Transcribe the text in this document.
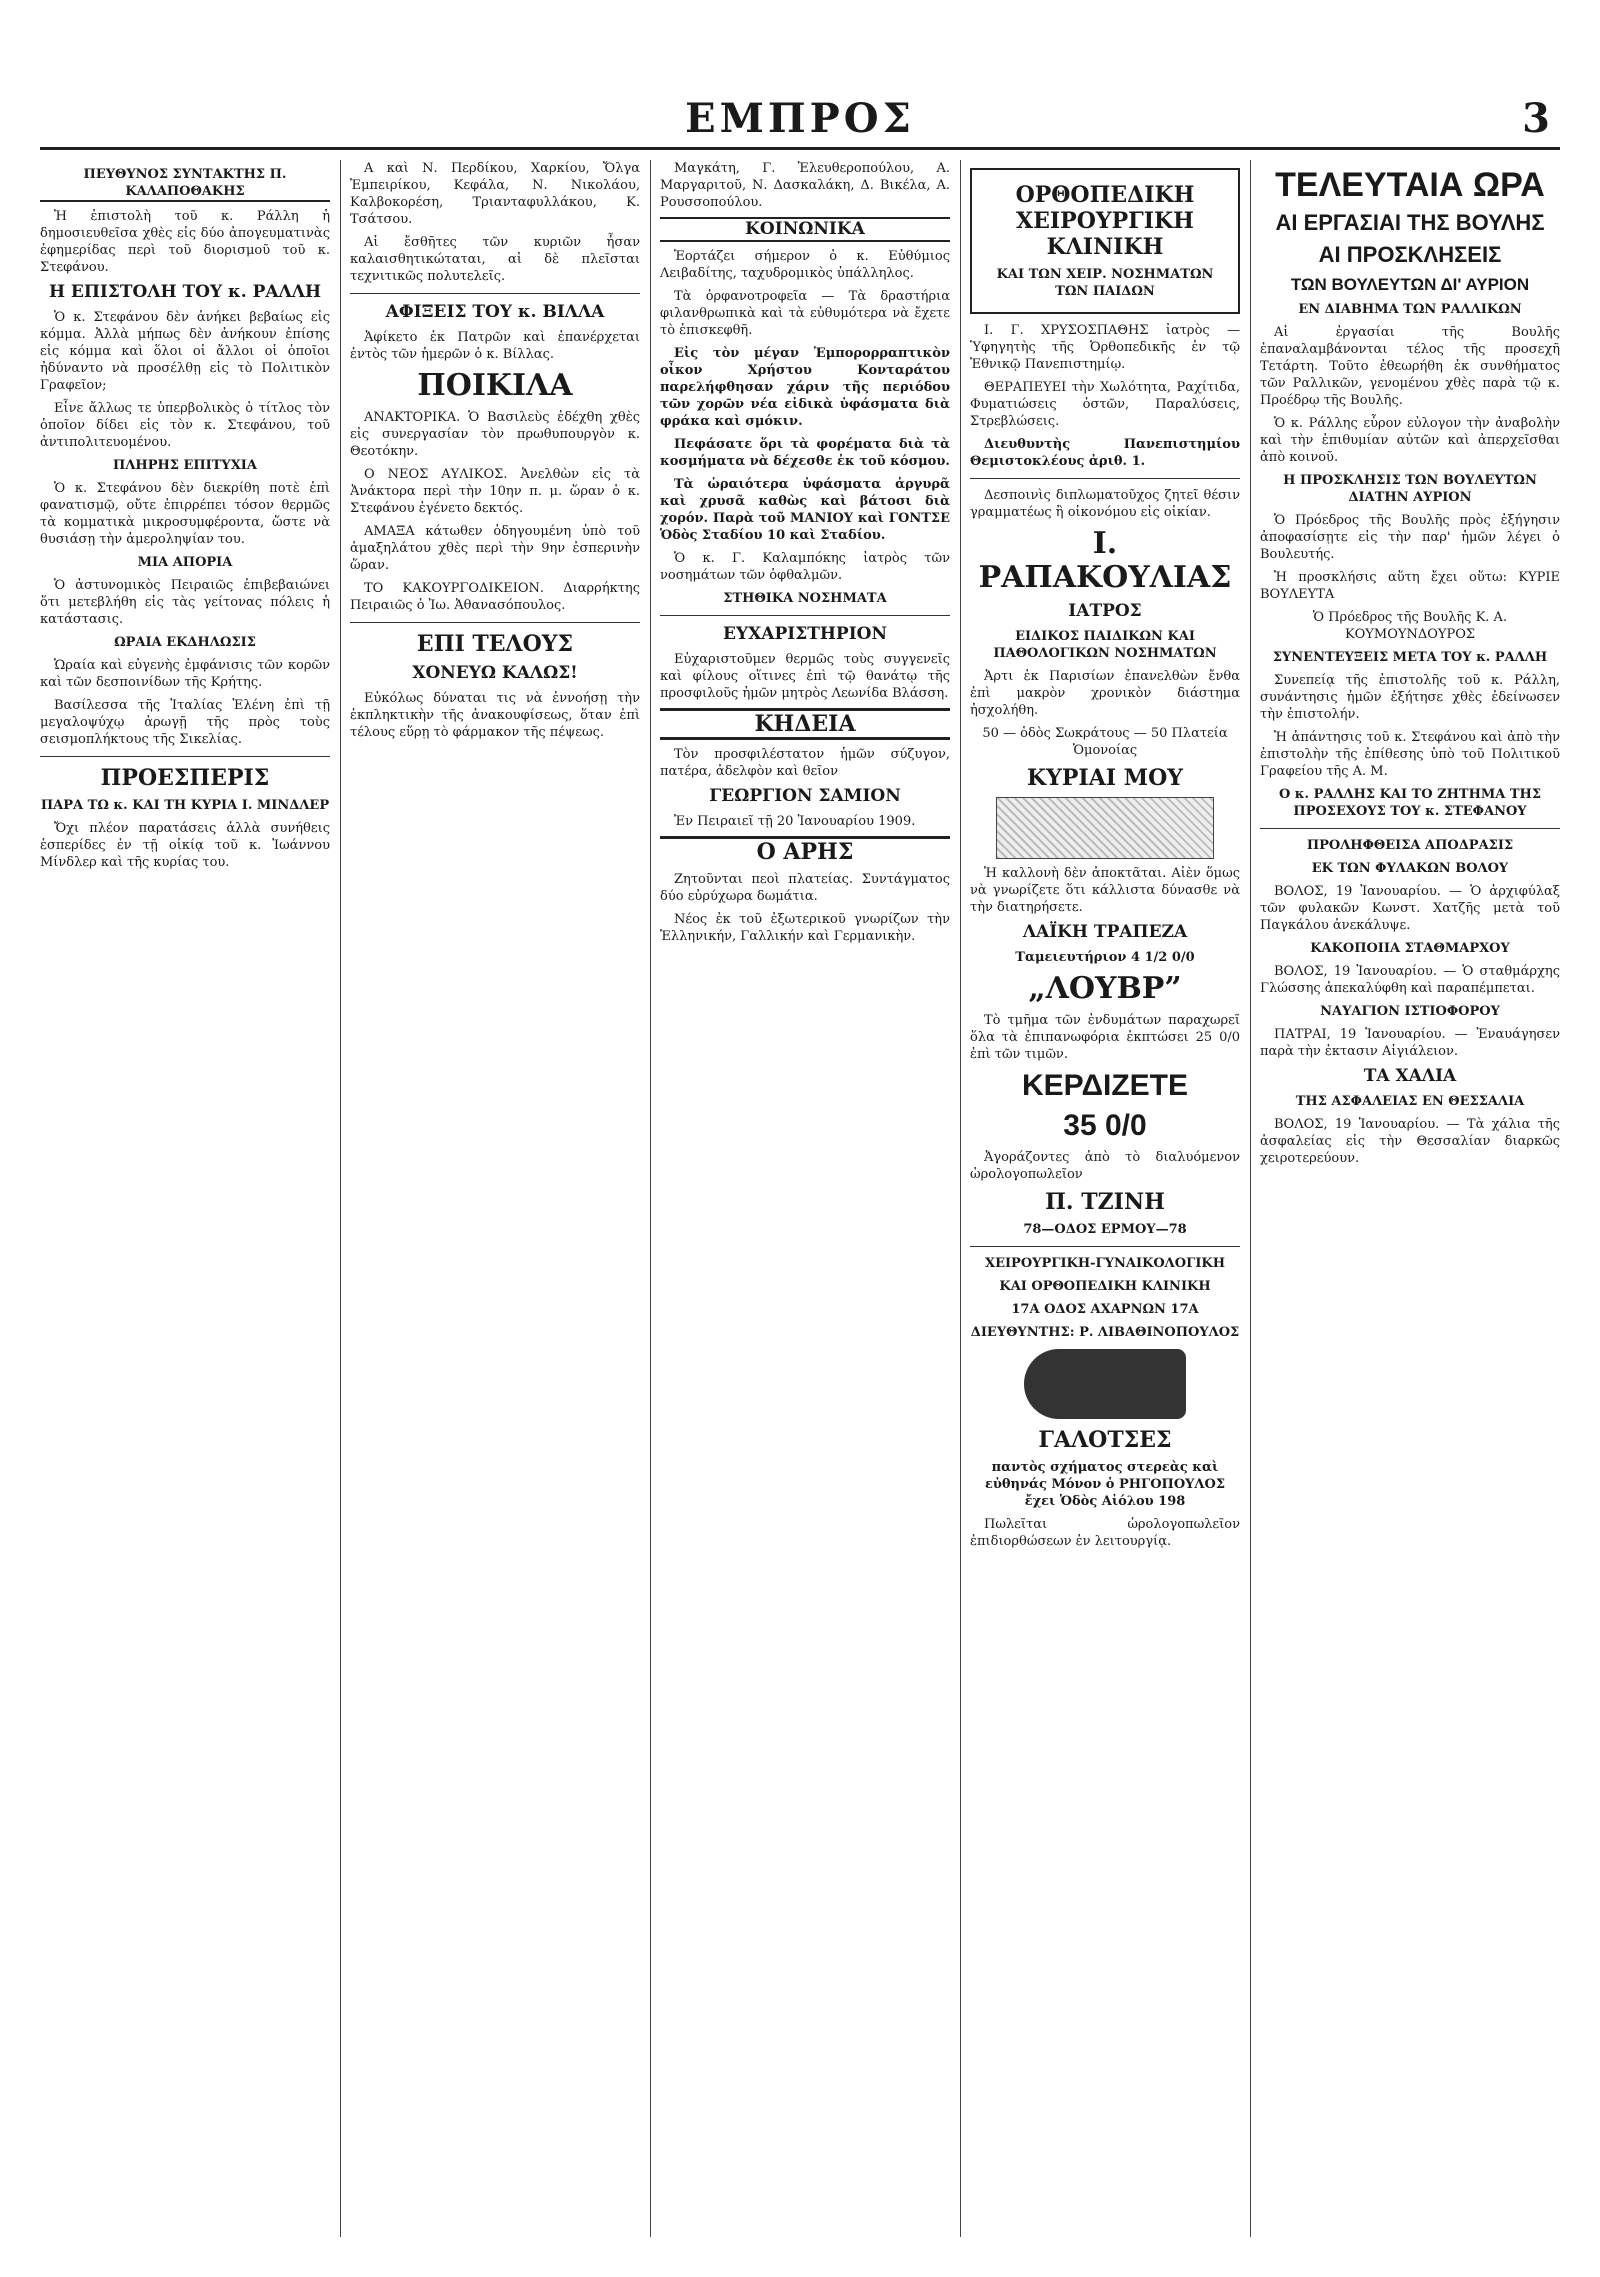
ΕΜΠΡΟΣ	3
ΠΕΥΘΥΝΟΣ ΣΥΝΤΑΚΤΗΣ Π. ΚΑΛΑΠΟΘΑΚΗΣ

Ἡ ἐπιστολὴ τοῦ κ. Ράλλη ἡ δημοσιευθεῖσα χθὲς εἰς δύο ἀπογευματινὰς ἐφημερίδας περὶ τοῦ διορισμοῦ τοῦ κ. Στεφάνου.

Η ΕΠΙΣΤΟΛΗ ΤΟΥ κ. ΡΑΛΛΗ

Ὁ κ. Στεφάνου δὲν ἀνήκει βεβαίως εἰς κόμμα. Ἀλλὰ μήπως δὲν ἀνήκουν ἐπίσης εἰς κόμμα καὶ ὅλοι οἱ ἄλλοι οἱ ὁποῖοι ἠδύναντο νὰ προσέλθῃ εἰς τὸ Πολιτικὸν Γραφεῖον;

Εἶνε ἄλλως τε ὑπερβολικὸς ὁ τίτλος τὸν ὁποῖον δίδει εἰς τὸν κ. Στεφάνου, τοῦ ἀντιπολιτευομένου.

ΠΛΗΡΗΣ ΕΠΙΤΥΧΙΑ

Ὁ κ. Στεφάνου δὲν διεκρίθη ποτὲ ἐπὶ φανατισμῷ, οὔτε ἐπιρρέπει τόσον θερμῶς τὰ κομματικὰ μικροσυμφέροντα, ὥστε νὰ θυσιάσῃ τὴν ἀμεροληψίαν του.

ΜΙΑ ΑΠΟΡΙΑ

Ὁ ἀστυνομικὸς Πειραιῶς ἐπιβεβαιώνει ὅτι μετεβλήθη εἰς τὰς γείτονας πόλεις ἡ κατάστασις.

ΩΡΑΙΑ ΕΚΔΗΛΩΣΙΣ

Ὡραία καὶ εὐγενὴς ἐμφάνισις τῶν κορῶν καὶ τῶν δεσποινίδων τῆς Κρήτης.

Βασίλεσσα τῆς Ἰταλίας Ἑλένη ἐπὶ τῇ μεγαλοψύχῳ ἀρωγῇ τῆς πρὸς τοὺς σεισμοπλήκτους τῆς Σικελίας.

ΠΡΟΕΣΠΕΡΙΣ
ΠΑΡΑ ΤΩ κ. ΚΑΙ ΤΗ ΚΥΡΙΑ Ι. ΜΙΝΔΛΕΡ

Ὄχι πλέον παρατάσεις ἀλλὰ συνήθεις ἑσπερίδες ἐν τῇ οἰκίᾳ τοῦ κ. Ἰωάννου Μίνδλερ καὶ τῆς κυρίας του.

Α καὶ Ν. Περδίκου, Χαρκίου, Ὄλγα Ἐμπειρίκου, Κεφάλα, Ν. Νικολάου, Καλβοκορέση, Τριανταφυλλάκου, Κ. Τσάτσου.

Αἱ ἔσθῆτες τῶν κυριῶν ἦσαν καλαισθητικώταται, αἱ δὲ πλεῖσται τεχνιτικῶς πολυτελεῖς.

ΑΦΙΞΕΙΣ ΤΟΥ κ. ΒΙΛΛΑ

Ἀφίκετο ἐκ Πατρῶν καὶ ἐπανέρχεται ἐντὸς τῶν ἡμερῶν ὁ κ. Βίλλας.

ΠΟΙΚΙΛΑ

ΑΝΑΚΤΟΡΙΚΑ. Ὁ Βασιλεὺς ἐδέχθη χθὲς εἰς συνεργασίαν τὸν πρωθυπουργὸν κ. Θεοτόκην.

Ο ΝΕΟΣ ΑΥΛΙΚΟΣ. Ἀνελθὼν εἰς τὰ Ἀνάκτορα περὶ τὴν 10ην π. μ. ὥραν ὁ κ. Στεφάνου ἐγένετο δεκτός.

ΑΜΑΞΑ κάτωθεν ὀδηγουμένη ὑπὸ τοῦ ἁμαξηλάτου χθὲς περὶ τὴν 9ην ἐσπερινὴν ὥραν.

ΤΟ ΚΑΚΟΥΡΓΟΔΙΚΕΙΟΝ. Διαρρήκτης Πειραιῶς ὁ Ἰω. Ἀθανασόπουλος.

ΕΠΙ ΤΕΛΟΥΣ
ΧΟΝΕΥΩ ΚΑΛΩΣ!

Εὐκόλως δύναται τις νὰ ἐννοήσῃ τὴν ἐκπληκτικὴν τῆς ἀνακουφίσεως, ὅταν ἐπὶ τέλους εὕρῃ τὸ φάρμακον τῆς πέψεως.

Μαγκάτη, Γ. Ἐλευθεροπούλου, Α. Μαργαριτοῦ, Ν. Δασκαλάκη, Δ. Βικέλα, Α. Ρουσσοπούλου.

ΚΟΙΝΩΝΙΚΑ

Ἑορτάζει σήμερον ὁ κ. Εὐθύμιος Λειβαδίτης, ταχυδρομικὸς ὑπάλληλος.

Τὰ ὀρφανοτροφεῖα — Τὰ δραστήρια φιλανθρωπικὰ καὶ τὰ εὐθυμότερα νὰ ἔχετε τὸ ἐπισκεφθῆ.

Εἰς τὸν μέγαν Ἐμπορορραπτικὸν οἶκον Χρήστου Κονταράτου παρελήφθησαν χάριν τῆς περιόδου τῶν χορῶν νέα εἰδικὰ ὑφάσματα διὰ φράκα καὶ σμόκιν.

Πεφάσατε ὅρι τὰ φορέματα διὰ τὰ κοσμήματα νὰ δέχεσθε ἐκ τοῦ κόσμου.

Τὰ ὡραιότερα ὑφάσματα ἀργυρᾶ καὶ χρυσᾶ καθὼς καὶ βάτοσι διὰ χορόν. Παρὰ τοῦ ΜΑΝΙΟΥ καὶ ΓΟΝΤΣΕ Ὁδὸς Σταδίου 10 καὶ Σταδίου.

Ὁ κ. Γ. Καλαμπόκης ἰατρὸς τῶν νοσημάτων τῶν ὀφθαλμῶν.

ΣΤΗΘΙΚΑ ΝΟΣΗΜΑΤΑ
ΕΥΧΑΡΙΣΤΗΡΙΟΝ

Εὐχαριστοῦμεν θερμῶς τοὺς συγγενεῖς καὶ φίλους οἵτινες ἐπὶ τῷ θανάτῳ τῆς προσφιλοῦς ἡμῶν μητρὸς Λεωνίδα Βλάσση.

ΚΗΔΕΙΑ

Τὸν προσφιλέστατον ἡμῶν σύζυγον, πατέρα, ἀδελφὸν καὶ θεῖον

ΓΕΩΡΓΙΟΝ ΣΑΜΙΟΝ

Ἐν Πειραιεῖ τῇ 20 Ἰανουαρίου 1909.

Ο ΑΡΗΣ

Ζητοῦνται πεοὶ πλατείας. Συντάγματος δύο εὐρύχωρα δωμάτια.

Νέος ἐκ τοῦ ἐξωτερικοῦ γνωρίζων τὴν Ἑλληνικήν, Γαλλικήν καὶ Γερμανικὴν.

ΟΡΘΟΠΕΔΙΚΗ ΧΕΙΡΟΥΡΓΙΚΗ ΚΛΙΝΙΚΗ
ΚΑΙ ΤΩΝ ΧΕΙΡ. ΝΟΣΗΜΑΤΩΝ ΤΩΝ ΠΑΙΔΩΝ

Ι. Γ. ΧΡΥΣΟΣΠΑΘΗΣ ἰατρὸς — Ὑφηγητὴς τῆς Ὀρθοπεδικῆς ἐν τῷ Ἐθνικῷ Πανεπιστημίῳ.

ΘΕΡΑΠΕΥΕΙ τὴν Χωλότητα, Ραχίτιδα, Φυματιώσεις ὀστῶν, Παραλύσεις, Στρεβλώσεις.

Διευθυντὴς Πανεπιστημίου Θεμιστοκλέους ἀριθ. 1.

Δεσποινὶς διπλωματοῦχος ζητεῖ θέσιν γραμματέως ἢ οἰκονόμου εἰς οἰκίαν.

Ι. ΡΑΠΑΚΟΥΛΙΑΣ
ΙΑΤΡΟΣ
ΕΙΔΙΚΟΣ ΠΑΙΔΙΚΩΝ ΚΑΙ ΠΑΘΟΛΟΓΙΚΩΝ ΝΟΣΗΜΑΤΩΝ

Ἀρτι ἐκ Παρισίων ἐπανελθὼν ἔνθα ἐπὶ μακρὸν χρονικὸν διάστημα ἠσχολήθη.

50 — ὁδὸς Σωκράτους — 50 Πλατεία Ὁμονοίας

ΚΥΡΙΑΙ ΜΟΥ

Ἡ καλλονὴ δὲν ἀποκτᾶται. Αἰὲν ὅμως νὰ γνωρίζετε ὅτι κάλλιστα δύνασθε νὰ τὴν διατηρήσετε.

ΛΑΪΚΗ ΤΡΑΠΕΖΑ
Ταμειευτήριον 4 1/2 0/0
„ΛΟΥΒΡ”

Τὸ τμῆμα τῶν ἐνδυμάτων παραχωρεῖ ὅλα τὰ ἐπιπανωφόρια ἐκπτώσει 25 0/0 ἐπὶ τῶν τιμῶν.

ΚΕΡΔΙΖΕΤΕ
35 0/0

Ἀγοράζοντες ἀπὸ τὸ διαλυόμενον ὡρολογοπωλεῖον

Π. ΤΖΙΝΗ
78—ΟΔΟΣ ΕΡΜΟΥ—78
ΧΕΙΡΟΥΡΓΙΚΗ-ΓΥΝΑΙΚΟΛΟΓΙΚΗ
ΚΑΙ ΟΡΘΟΠΕΔΙΚΗ ΚΛΙΝΙΚΗ
17Α ΟΔΟΣ ΑΧΑΡΝΩΝ 17Α
ΔΙΕΥΘΥΝΤΗΣ: Ρ. ΛΙΒΑΘΙΝΟΠΟΥΛΟΣ
ΓΑΛΟΤΣΕΣ

παντὸς σχήματος στερεὰς καὶ εὐθηνάς Μόνον ὁ ΡΗΓΟΠΟΥΛΟΣ ἔχει Ὁδὸς Αἰόλου 198

Πωλεῖται ὡρολογοπωλεῖον ἐπιδιορθώσεων ἐν λειτουργίᾳ.

ΤΕΛΕΥΤΑΙΑ ΩΡΑ
ΑΙ ΕΡΓΑΣΙΑΙ ΤΗΣ ΒΟΥΛΗΣ
ΑΙ ΠΡΟΣΚΛΗΣΕΙΣ
ΤΩΝ ΒΟΥΛΕΥΤΩΝ ΔΙ' ΑΥΡΙΟΝ
ΕΝ ΔΙΑΒΗΜΑ ΤΩΝ ΡΑΛΛΙΚΩΝ

Αἱ ἐργασίαι τῆς Βουλῆς ἐπαναλαμβάνονται τέλος τῆς προσεχῆ Τετάρτη. Τοῦτο ἐθεωρήθη ἐκ συνθήματος τῶν Ραλλικῶν, γενομένου χθὲς παρὰ τῷ κ. Προέδρῳ τῆς Βουλῆς.

Ὁ κ. Ράλλης εὗρον εὐλογον τὴν ἀναβολὴν καὶ τὴν ἐπιθυμίαν αὐτῶν καὶ ἀπερχεῖσθαι ἀπὸ κοινοῦ.

Η ΠΡΟΣΚΛΗΣΙΣ ΤΩΝ ΒΟΥΛΕΥΤΩΝ ΔΙΑΤΗΝ ΑΥΡΙΟΝ

Ὁ Πρόεδρος τῆς Βουλῆς πρὸς ἐξήγησιν ἀποφασίσῃτε εἰς τὴν παρ' ἡμῶν λέγει ὁ Βουλευτής.

Ἡ προσκλήσις αὕτη ἔχει οὕτω: ΚΥΡΙΕ ΒΟΥΛΕΥΤΑ

Ὁ Πρόεδρος τῆς Βουλῆς Κ. Α. ΚΟΥΜΟΥΝΔΟΥΡΟΣ

ΣΥΝΕΝΤΕΥΞΕΙΣ ΜΕΤΑ ΤΟΥ κ. ΡΑΛΛΗ

Συνεπείᾳ τῆς ἐπιστολῆς τοῦ κ. Ράλλη, συνάντησις ἡμῶν ἐξήτησε χθὲς ἐδείνωσεν τὴν ἐπιστολήν.

Ἡ ἀπάντησις τοῦ κ. Στεφάνου καὶ ἀπὸ τὴν ἐπιστολὴν τῆς ἐπίθεσης ὑπὸ τοῦ Πολιτικοῦ Γραφείου τῆς Α. Μ.

Ο κ. ΡΑΛΛΗΣ ΚΑΙ ΤΟ ΖΗΤΗΜΑ ΤΗΣ ΠΡΟΣΕΧΟΥΣ ΤΟΥ κ. ΣΤΕΦΑΝΟΥ
ΠΡΟΛΗΦΘΕΙΣΑ ΑΠΟΔΡΑΣΙΣ
ΕΚ ΤΩΝ ΦΥΛΑΚΩΝ ΒΟΛΟΥ

ΒΟΛΟΣ, 19 Ἰανουαρίου. — Ὁ ἀρχιφύλαξ τῶν φυλακῶν Κωνστ. Χατζῆς μετὰ τοῦ Παγκάλου ἀνεκάλυψε.

ΚΑΚΟΠΟΙΙΑ ΣΤΑΘΜΑΡΧΟΥ

ΒΟΛΟΣ, 19 Ἰανουαρίου. — Ὁ σταθμάρχης Γλώσσης ἀπεκαλύφθη καὶ παραπέμπεται.

ΝΑΥΑΓΙΟΝ ΙΣΤΙΟΦΟΡΟΥ

ΠΑΤΡΑΙ, 19 Ἰανουαρίου. — Ἐναυάγησεν παρὰ τὴν ἐκτασιν Αἰγιάλειον.

ΤΑ ΧΑΛΙΑ
ΤΗΣ ΑΣΦΑΛΕΙΑΣ ΕΝ ΘΕΣΣΑΛΙΑ

ΒΟΛΟΣ, 19 Ἰανουαρίου. — Τὰ χάλια τῆς ἀσφαλείας εἰς τὴν Θεσσαλίαν διαρκῶς χειροτερεύουν.
